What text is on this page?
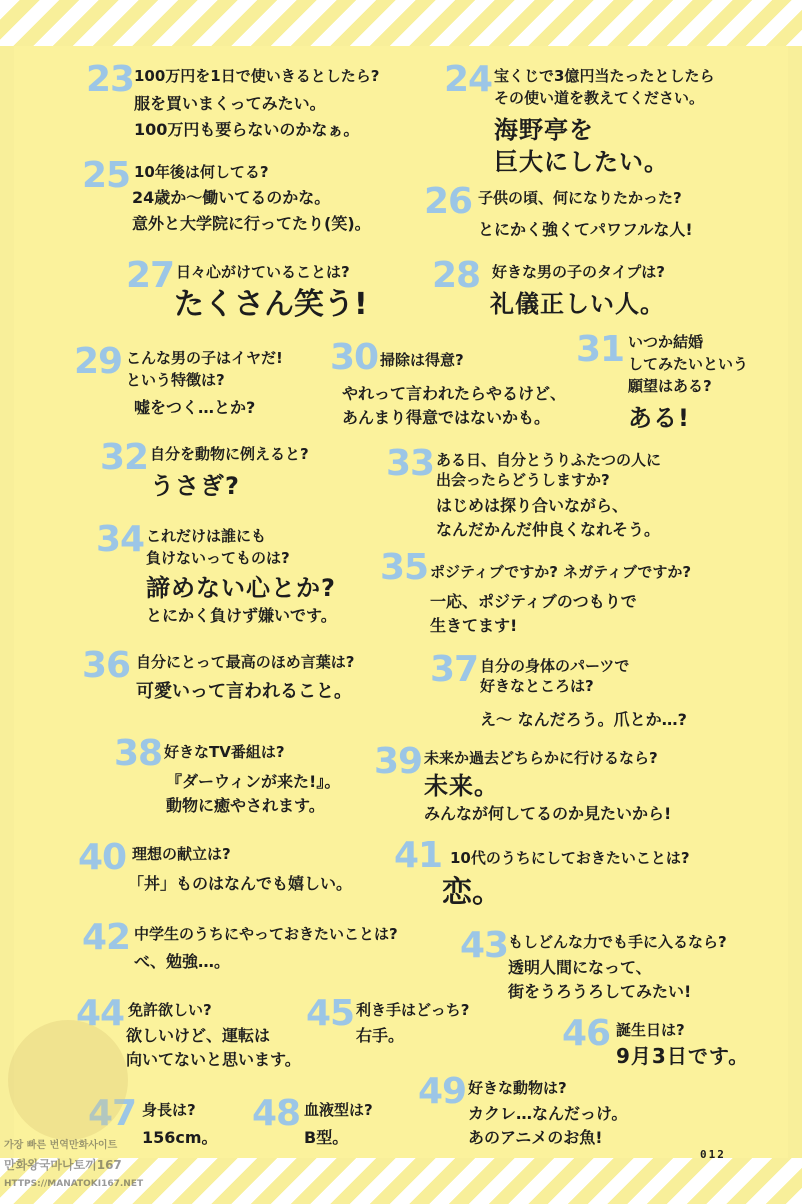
23 100万円を1日で使いきるとしたら?
服を買いまくってみたい。
100万円も要らないのかなぁ。
24 宝くじで3億円当たったとしたら
その使い道を教えてください。
海野亭を
巨大にしたい。
25 10年後は何してる?
24歳か〜働いてるのかな。
意外と大学院に行ってたり(笑)。
26 子供の頃、何になりたかった?
とにかく強くてパワフルな人!
27 日々心がけていることは?
たくさん笑う!
28 好きな男の子のタイプは?
礼儀正しい人。
29 こんな男の子はイヤだ!
という特徴は?
嘘をつく…とか?
30 掃除は得意?
やれって言われたらやるけど、
あんまり得意ではないかも。
31 いつか結婚
してみたいという
願望はある?
ある!
32 自分を動物に例えると?
うさぎ?
33 ある日、自分とうりふたつの人に
出会ったらどうしますか?
はじめは探り合いながら、
なんだかんだ仲良くなれそう。
34 これだけは誰にも
負けないってものは?
諦めない心とか?
とにかく負けず嫌いです。
35 ポジティブですか? ネガティブですか?
一応、ポジティブのつもりで
生きてます!
36 自分にとって最高のほめ言葉は?
可愛いって言われること。
37 自分の身体のパーツで
好きなところは?
え〜 なんだろう。爪とか…?
38 好きなTV番組は?
『ダーウィンが来た!』。
動物に癒やされます。
39 未来か過去どちらかに行けるなら?
未来。
みんなが何してるのか見たいから!
40 理想の献立は?
「丼」ものはなんでも嬉しい。
41 10代のうちにしておきたいことは?
恋。
42 中学生のうちにやっておきたいことは?
べ、勉強…。	43 もしどんな力でも手に入るなら?
透明人間になって、
街をうろうろしてみたい!
44 免許欲しい?
欲しいけど、運転は
向いてないと思います。
45 利き手はどっち?
右手。	46 誕生日は?
9月3日です。
47 身長は?
156cm。
48 血液型は?
B型。
49 好きな動物は?
カクレ…なんだっけ。
あのアニメのお魚!
012
가장 빠른 번역만화사이트
만화왕국마나토끼167
HTTPS://MANATOKI167.NET
